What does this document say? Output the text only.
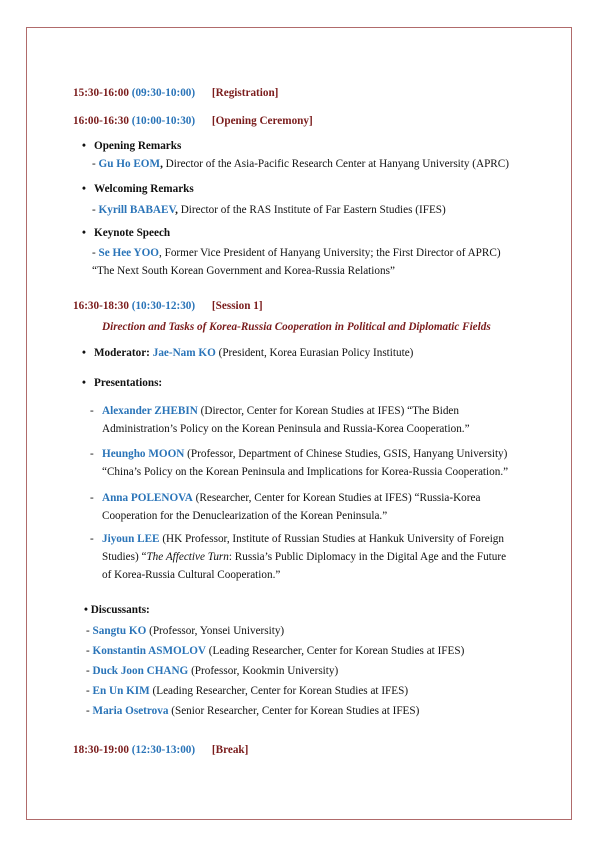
15:30-16:00 (09:30-10:00) [Registration]
16:00-16:30 (10:00-10:30) [Opening Ceremony]
• Opening Remarks
- Gu Ho EOM, Director of the Asia-Pacific Research Center at Hanyang University (APRC)
• Welcoming Remarks
- Kyrill BABAEV, Director of the RAS Institute of Far Eastern Studies (IFES)
• Keynote Speech
- Se Hee YOO, Former Vice President of Hanyang University; the First Director of APRC)
“The Next South Korean Government and Korea-Russia Relations”
16:30-18:30 (10:30-12:30) [Session 1]
Direction and Tasks of Korea-Russia Cooperation in Political and Diplomatic Fields
• Moderator: Jae-Nam KO (President, Korea Eurasian Policy Institute)
• Presentations:
- Alexander ZHEBIN (Director, Center for Korean Studies at IFES) “The Biden
Administration’s Policy on the Korean Peninsula and Russia-Korea Cooperation.”
- Heungho MOON (Professor, Department of Chinese Studies, GSIS, Hanyang University)
“China’s Policy on the Korean Peninsula and Implications for Korea-Russia Cooperation.”
- Anna POLENOVA (Researcher, Center for Korean Studies at IFES) “Russia-Korea
Cooperation for the Denuclearization of the Korean Peninsula.”
- Jiyoun LEE (HK Professor, Institute of Russian Studies at Hankuk University of Foreign
Studies) “The Affective Turn: Russia’s Public Diplomacy in the Digital Age and the Future
of Korea-Russia Cultural Cooperation.”
• Discussants:
- Sangtu KO (Professor, Yonsei University)
- Konstantin ASMOLOV (Leading Researcher, Center for Korean Studies at IFES)
- Duck Joon CHANG (Professor, Kookmin University)
- En Un KIM (Leading Researcher, Center for Korean Studies at IFES)
- Maria Osetrova (Senior Researcher, Center for Korean Studies at IFES)
18:30-19:00 (12:30-13:00) [Break]
